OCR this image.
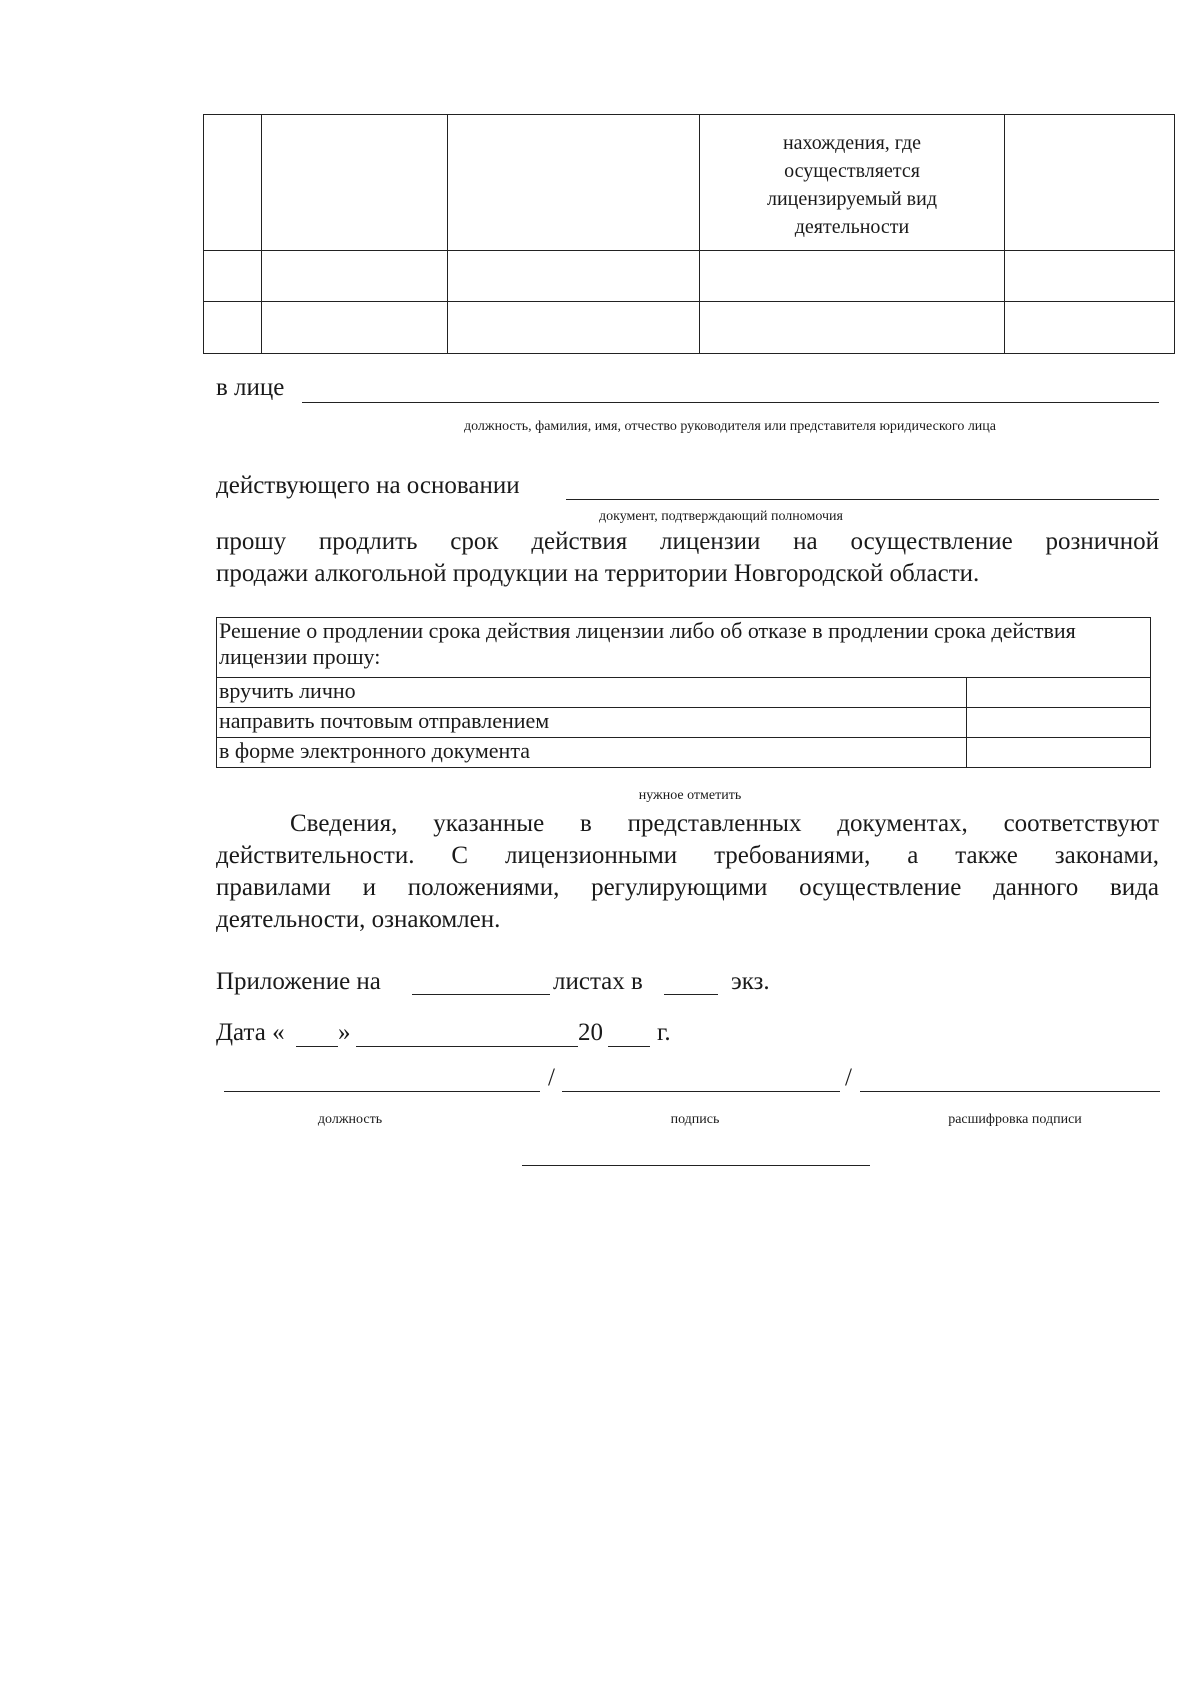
			нахождения, где
осуществляется
лицензируемый вид
деятельности	

в лице
должность, фамилия, имя, отчество руководителя или представителя юридического лица
действующего на основании
документ, подтверждающий полномочия
прошу продлить срок действия лицензии на осуществление розничной
продажи алкогольной продукции на территории Новгородской области.
Решение о продлении срока действия лицензии либо об отказе в продлении срока действия лицензии прошу:	
вручить лично	
направить почтовым отправлением	
в форме электронного документа	
нужное отметить
Сведения, указанные в представленных документах, соответствуют
действительности. С лицензионными требованиями, а также законами,
правилами и положениями, регулирующими осуществление данного вида
деятельности, ознакомлен.
Приложение на	листах в	экз.
Дата « »	20 г.
/	/
должность	подпись	расшифровка подписи
